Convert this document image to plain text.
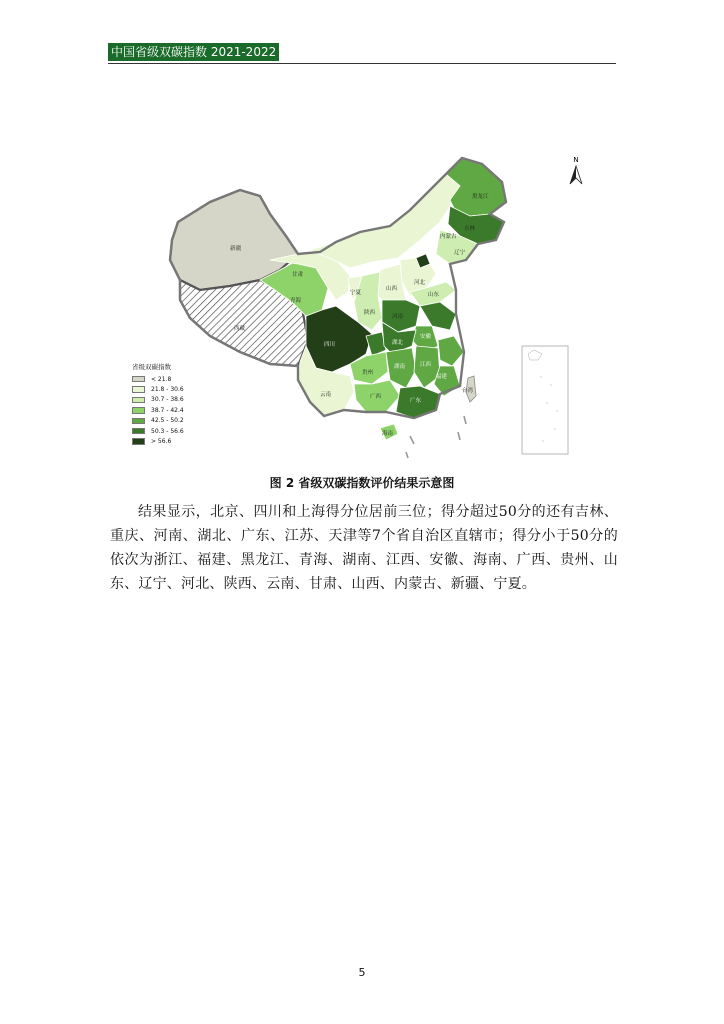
中国省级双碳指数 2021-2022
N
新疆
西藏
青海
甘肃
内蒙古
黑龙江
吉林
辽宁
河北
山西
山东
宁夏
陕西
河南
安徽
四川	湖北
贵州
湖南	江西
福建
云南	广西
广东
台湾
海南
省级双碳指数
< 21.8
21.8 - 30.6
30.7 - 38.6
38.7 - 42.4
42.5 - 50.2
50.3 - 56.6
> 56.6
图 2 省级双碳指数评价结果示意图

结果显示，北京、四川和上海得分位居前三位；得分超过50分的还有吉林、重庆、河南、湖北、广东、江苏、天津等7个省自治区直辖市；得分小于50分的依次为浙江、福建、黑龙江、青海、湖南、江西、安徽、海南、广西、贵州、山东、辽宁、河北、陕西、云南、甘肃、山西、内蒙古、新疆、宁夏。

5
